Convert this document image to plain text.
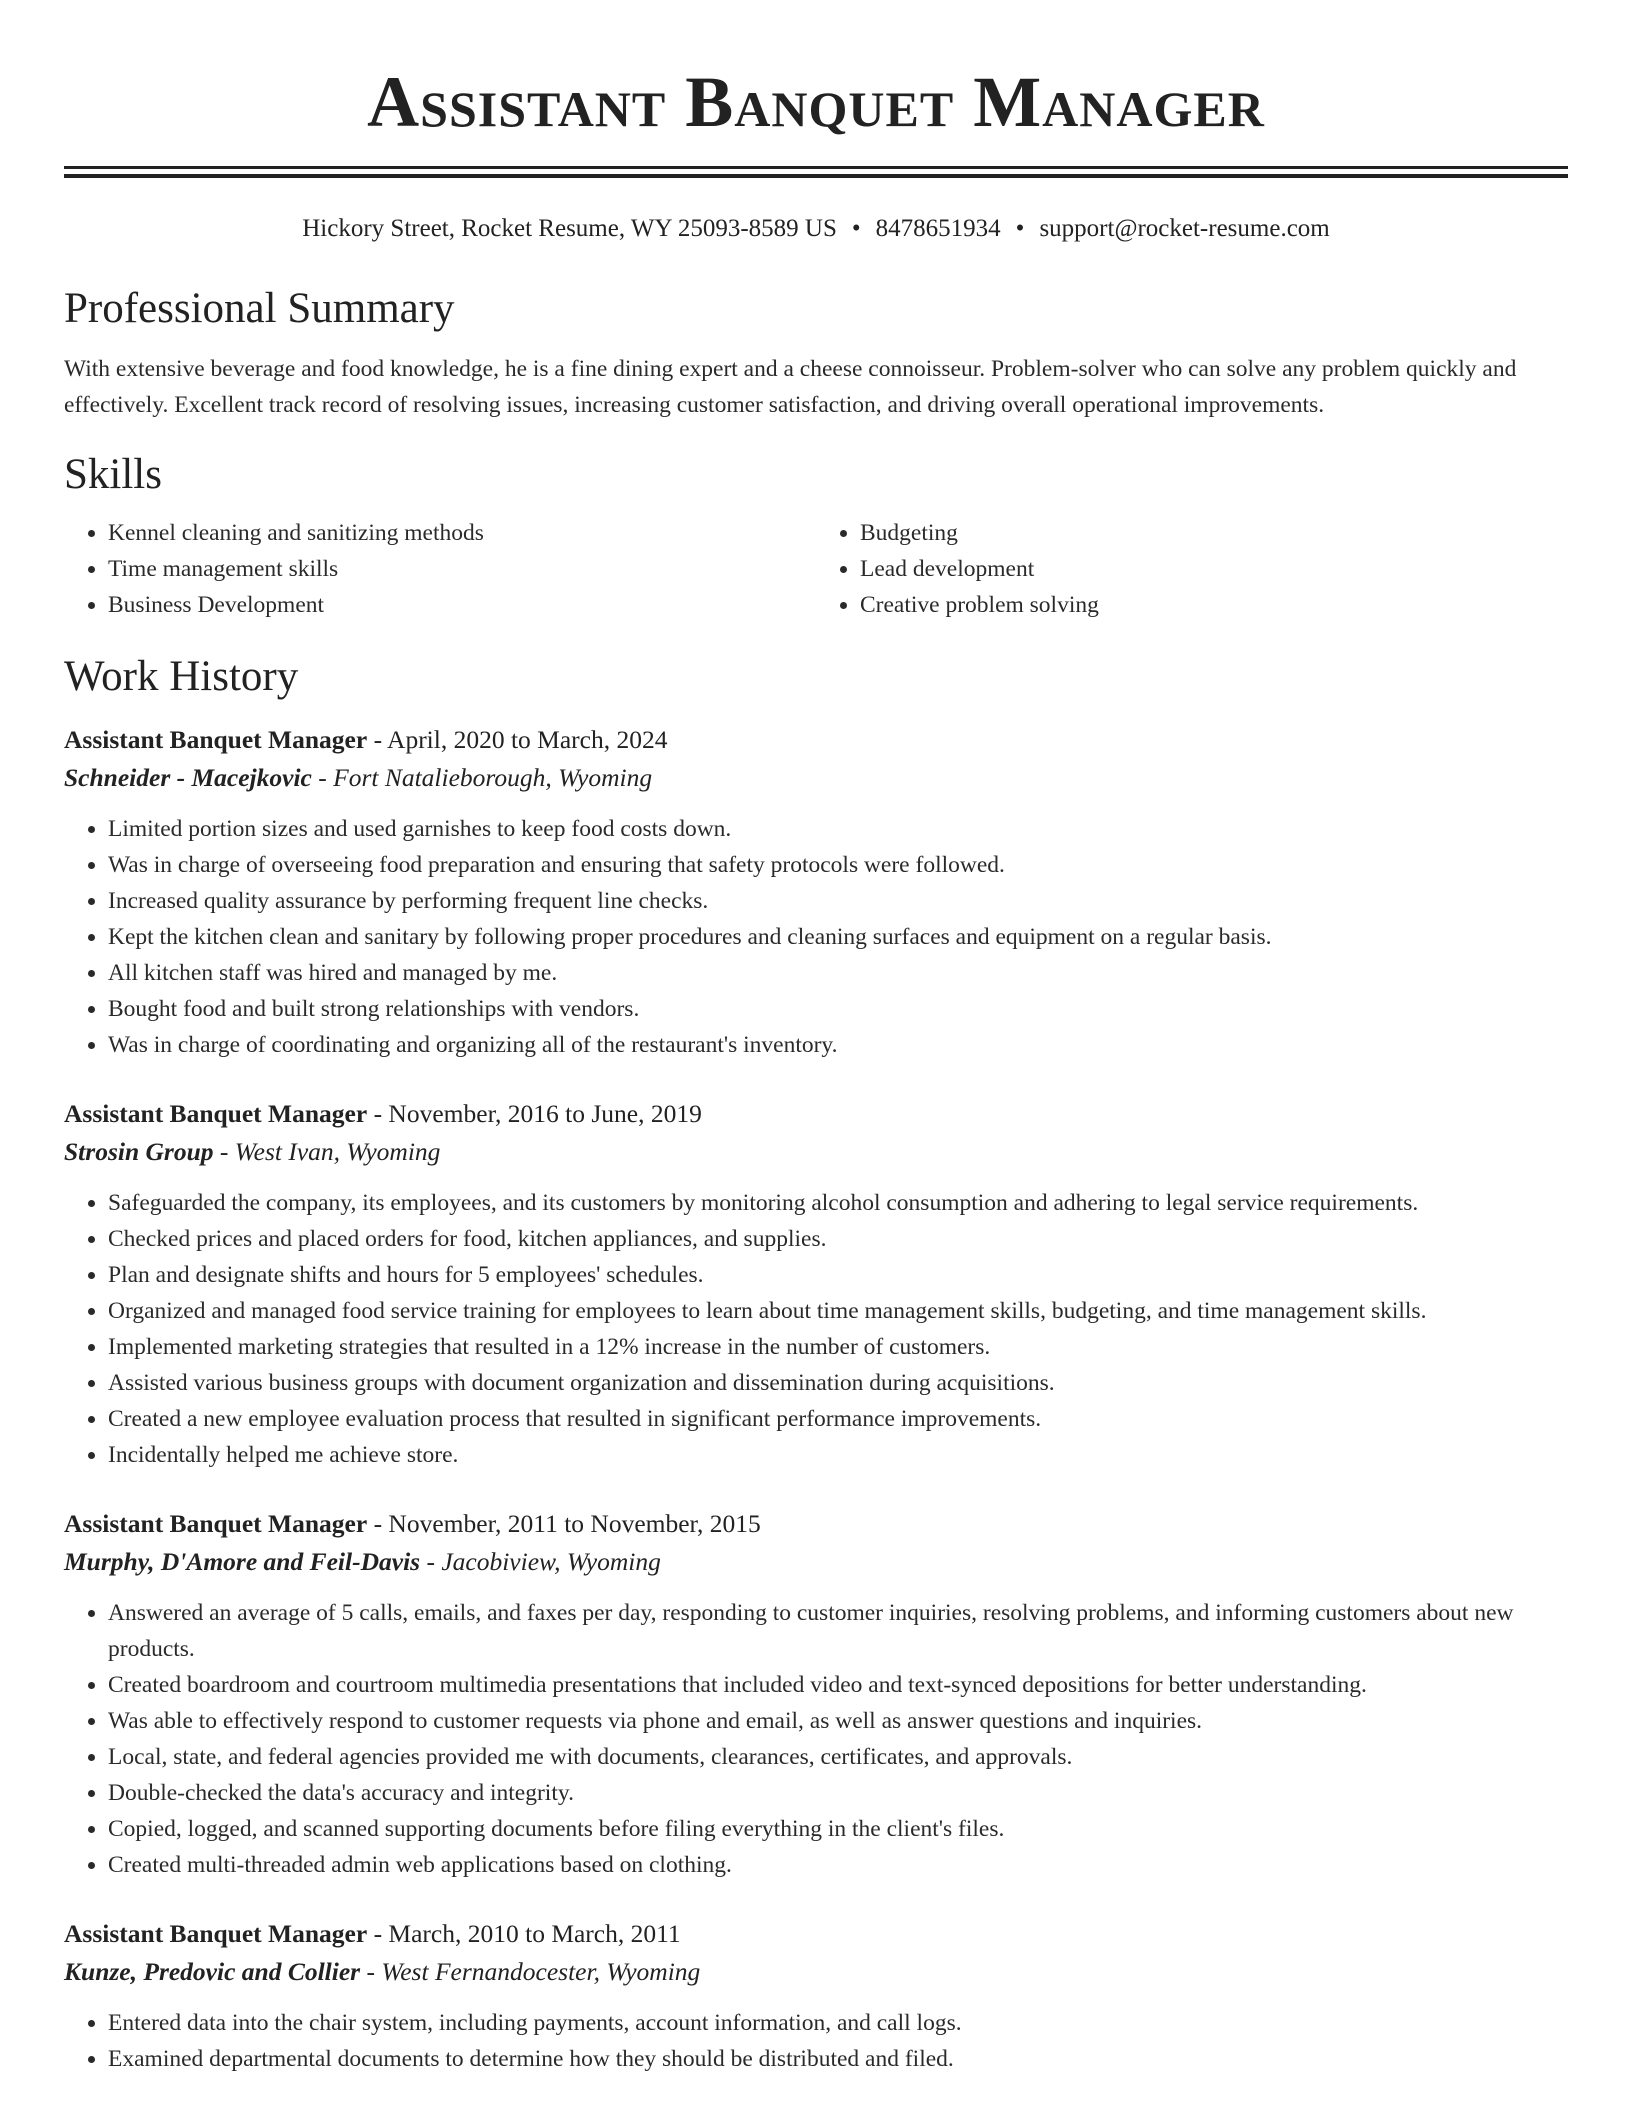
Assistant Banquet Manager
Hickory Street, Rocket Resume, WY 25093-8589 US • 8478651934 • support@rocket-resume.com
Professional Summary

With extensive beverage and food knowledge, he is a fine dining expert and a cheese connoisseur. Problem-solver who can solve any problem quickly and effectively. Excellent track record of resolving issues, increasing customer satisfaction, and driving overall operational improvements.

Skills
• Kennel cleaning and sanitizing methods
• Time management skills
• Business Development
• Budgeting
• Lead development
• Creative problem solving
Work History
Assistant Banquet Manager - April, 2020 to March, 2024
Schneider - Macejkovic - Fort Natalieborough, Wyoming
• Limited portion sizes and used garnishes to keep food costs down.
• Was in charge of overseeing food preparation and ensuring that safety protocols were followed.
• Increased quality assurance by performing frequent line checks.
• Kept the kitchen clean and sanitary by following proper procedures and cleaning surfaces and equipment on a regular basis.
• All kitchen staff was hired and managed by me.
• Bought food and built strong relationships with vendors.
• Was in charge of coordinating and organizing all of the restaurant's inventory.
Assistant Banquet Manager - November, 2016 to June, 2019
Strosin Group - West Ivan, Wyoming
• Safeguarded the company, its employees, and its customers by monitoring alcohol consumption and adhering to legal service requirements.
• Checked prices and placed orders for food, kitchen appliances, and supplies.
• Plan and designate shifts and hours for 5 employees' schedules.
• Organized and managed food service training for employees to learn about time management skills, budgeting, and time management skills.
• Implemented marketing strategies that resulted in a 12% increase in the number of customers.
• Assisted various business groups with document organization and dissemination during acquisitions.
• Created a new employee evaluation process that resulted in significant performance improvements.
• Incidentally helped me achieve store.
Assistant Banquet Manager - November, 2011 to November, 2015
Murphy, D'Amore and Feil-Davis - Jacobiview, Wyoming
• Answered an average of 5 calls, emails, and faxes per day, responding to customer inquiries, resolving problems, and informing customers about new products.
• Created boardroom and courtroom multimedia presentations that included video and text-synced depositions for better understanding.
• Was able to effectively respond to customer requests via phone and email, as well as answer questions and inquiries.
• Local, state, and federal agencies provided me with documents, clearances, certificates, and approvals.
• Double-checked the data's accuracy and integrity.
• Copied, logged, and scanned supporting documents before filing everything in the client's files.
• Created multi-threaded admin web applications based on clothing.
Assistant Banquet Manager - March, 2010 to March, 2011
Kunze, Predovic and Collier - West Fernandocester, Wyoming
• Entered data into the chair system, including payments, account information, and call logs.
• Examined departmental documents to determine how they should be distributed and filed.
